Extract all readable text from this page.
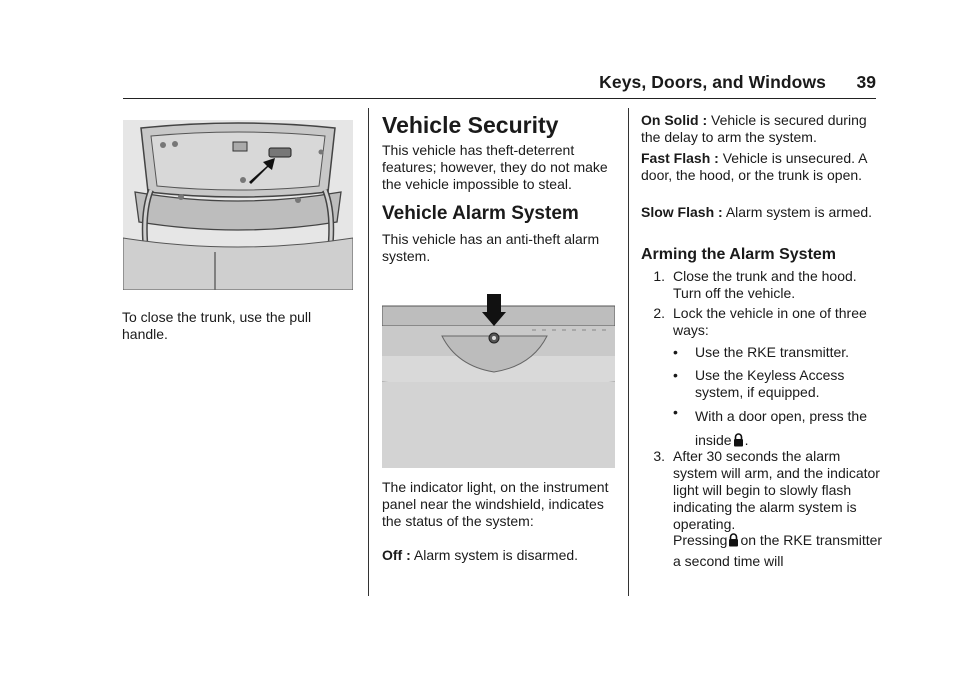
Keys, Doors, and Windows	39
To close the trunk, use the pull handle.
Vehicle Security
This vehicle has theft-deterrent features; however, they do not make the vehicle impossible to steal.
Vehicle Alarm System
This vehicle has an anti-theft alarm system.
The indicator light, on the instrument panel near the windshield, indicates the status of the system:
Off : Alarm system is disarmed.
On Solid : Vehicle is secured during the delay to arm the system.
Fast Flash : Vehicle is unsecured. A door, the hood, or the trunk is open.
Slow Flash : Alarm system is armed.
Arming the Alarm System
1. Close the trunk and the hood. Turn off the vehicle.
2. Lock the vehicle in one of three ways:
• Use the RKE transmitter.
• Use the Keyless Access system, if equipped.
• With a door open, press the inside .
3. After 30 seconds the alarm system will arm, and the indicator light will begin to slowly flash indicating the alarm system is operating.
Pressing on the RKE transmitter a second time will
